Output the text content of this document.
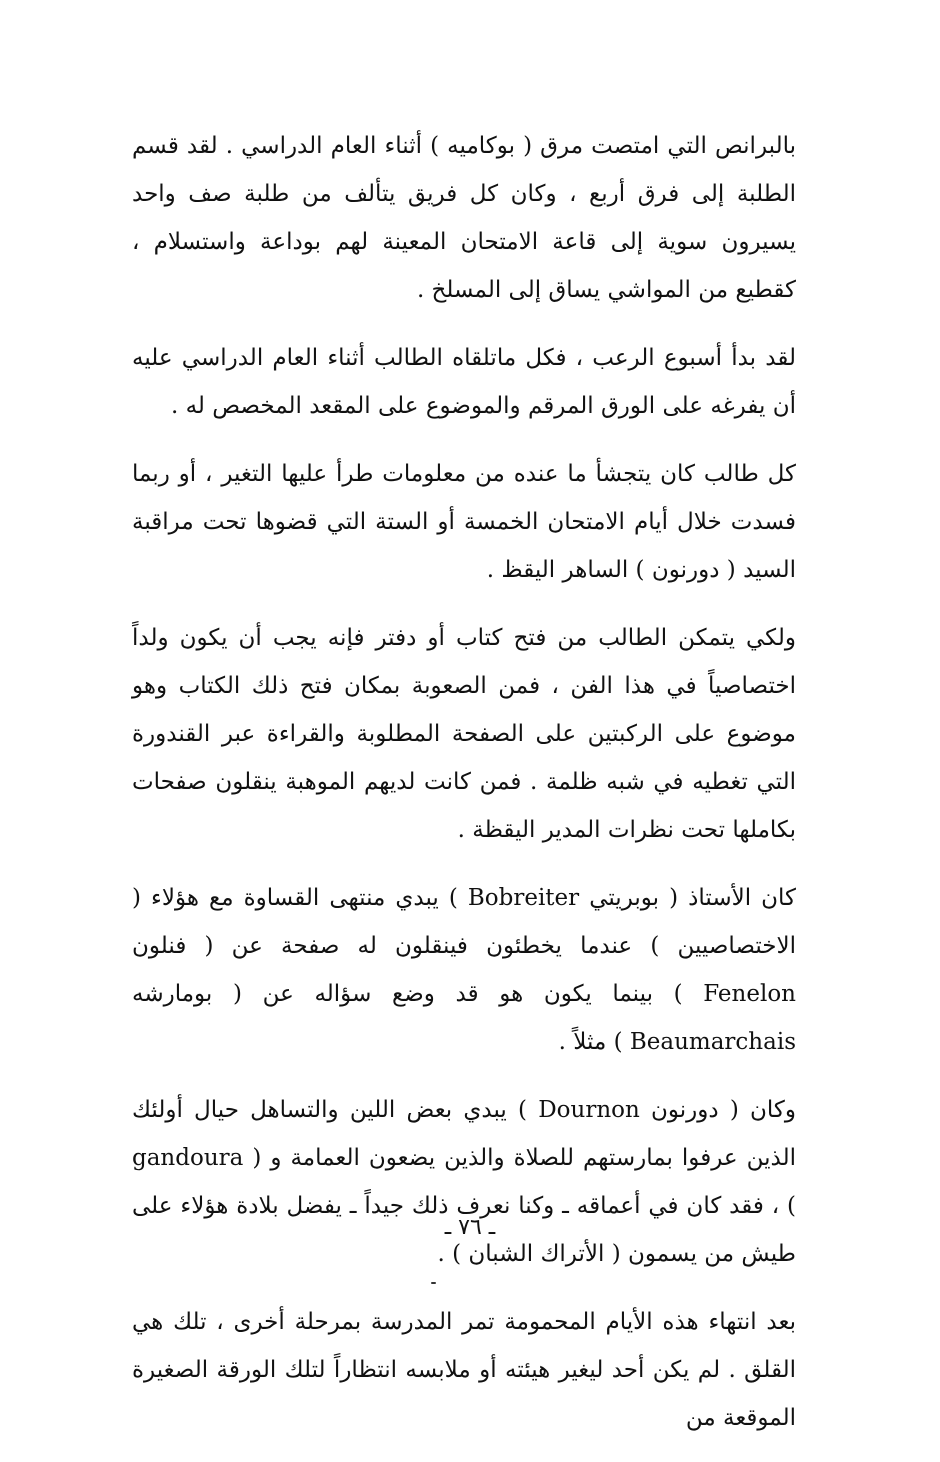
بالبرانص التي امتصت مرق ( بوكاميه ) أثناء العام الدراسي . لقد قسم الطلبة إلى فرق أربع ، وكان كل فريق يتألف من طلبة صف واحد يسيرون سوية إلى قاعة الامتحان المعينة لهم بوداعة واستسلام ، كقطيع من المواشي يساق إلى المسلخ .

لقد بدأ أسبوع الرعب ، فكل ماتلقاه الطالب أثناء العام الدراسي عليه أن يفرغه على الورق المرقم والموضوع على المقعد المخصص له .

كل طالب كان يتجشأ ما عنده من معلومات طرأ عليها التغير ، أو ربما فسدت خلال أيام الامتحان الخمسة أو الستة التي قضوها تحت مراقبة السيد ( دورنون ) الساهر اليقظ .

ولكي يتمكن الطالب من فتح كتاب أو دفتر فإنه يجب أن يكون ولداً اختصاصياً في هذا الفن ، فمن الصعوبة بمكان فتح ذلك الكتاب وهو موضوع على الركبتين على الصفحة المطلوبة والقراءة عبر القندورة التي تغطيه في شبه ظلمة . فمن كانت لديهم الموهبة ينقلون صفحات بكاملها تحت نظرات المدير اليقظة .

كان الأستاذ ( بوبريتي Bobreiter ) يبدي منتهى القساوة مع هؤلاء ( الاختصاصيين ) عندما يخطئون فينقلون له صفحة عن ( فنلون Fenelon ) بينما يكون هو قد وضع سؤاله عن ( بومارشه Beaumarchais ) مثلاً .

وكان ( دورنون Dournon ) يبدي بعض اللين والتساهل حيال أولئك الذين عرفوا بمارستهم للصلاة والذين يضعون العمامة و ( gandoura ) ، فقد كان في أعماقه ـ وكنا نعرف ذلك جيداً ـ يفضل بلادة هؤلاء على طيش من يسمون ( الأتراك الشبان ) .

بعد انتهاء هذه الأيام المحمومة تمر المدرسة بمرحلة أخرى ، تلك هي القلق . لم يكن أحد ليغير هيئته أو ملابسه انتظاراً لتلك الورقة الصغيرة الموقعة من

ـ ٧٦ ـ
